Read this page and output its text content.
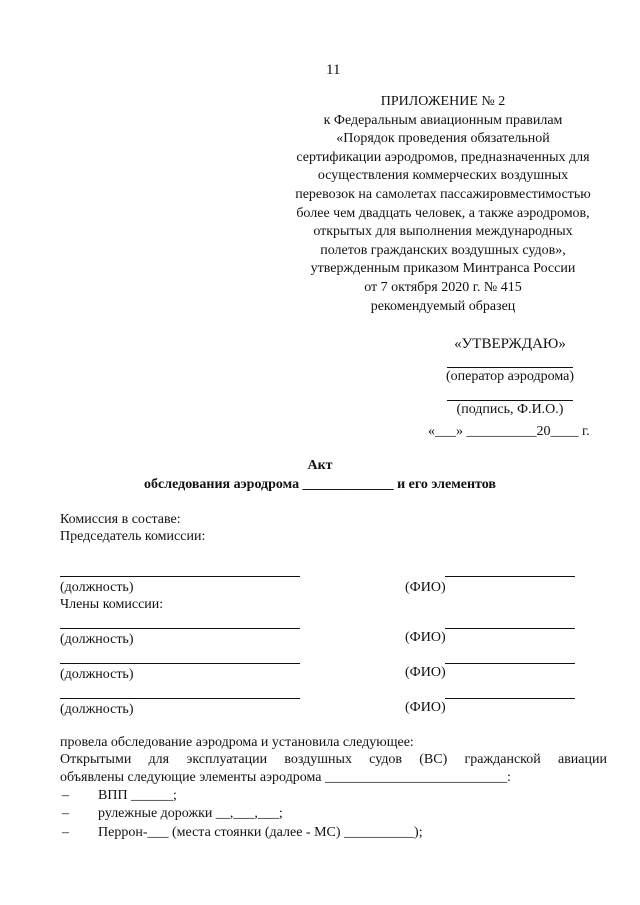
11
ПРИЛОЖЕНИЕ № 2
к Федеральным авиационным правилам
«Порядок проведения обязательной
сертификации аэродромов, предназначенных для
осуществления коммерческих воздушных
перевозок на самолетах пассажировместимостью
более чем двадцать человек, а также аэродромов,
открытых для выполнения международных
полетов гражданских воздушных судов»,
утвержденным приказом Минтранса России
от 7 октября 2020 г. № 415
рекомендуемый образец
«УТВЕРЖДАЮ»
(оператор аэродрома)
(подпись, Ф.И.О.)
«___» __________20____ г.
Акт
обследования аэродрома _____________ и его элементов
Комиссия в составе:
Председатель комиссии:
(должность)	(ФИО)
Члены комиссии:
(должность)	(ФИО)
(должность)	(ФИО)
(должность)	(ФИО)
провела обследование аэродрома и установила следующее:
Открытыми для эксплуатации воздушных судов (ВС) гражданской авиации
объявлены следующие элементы аэродрома __________________________:
– ВПП ______;
– рулежные дорожки __,___,___;
– Перрон-___ (места стоянки (далее - МС) __________);
